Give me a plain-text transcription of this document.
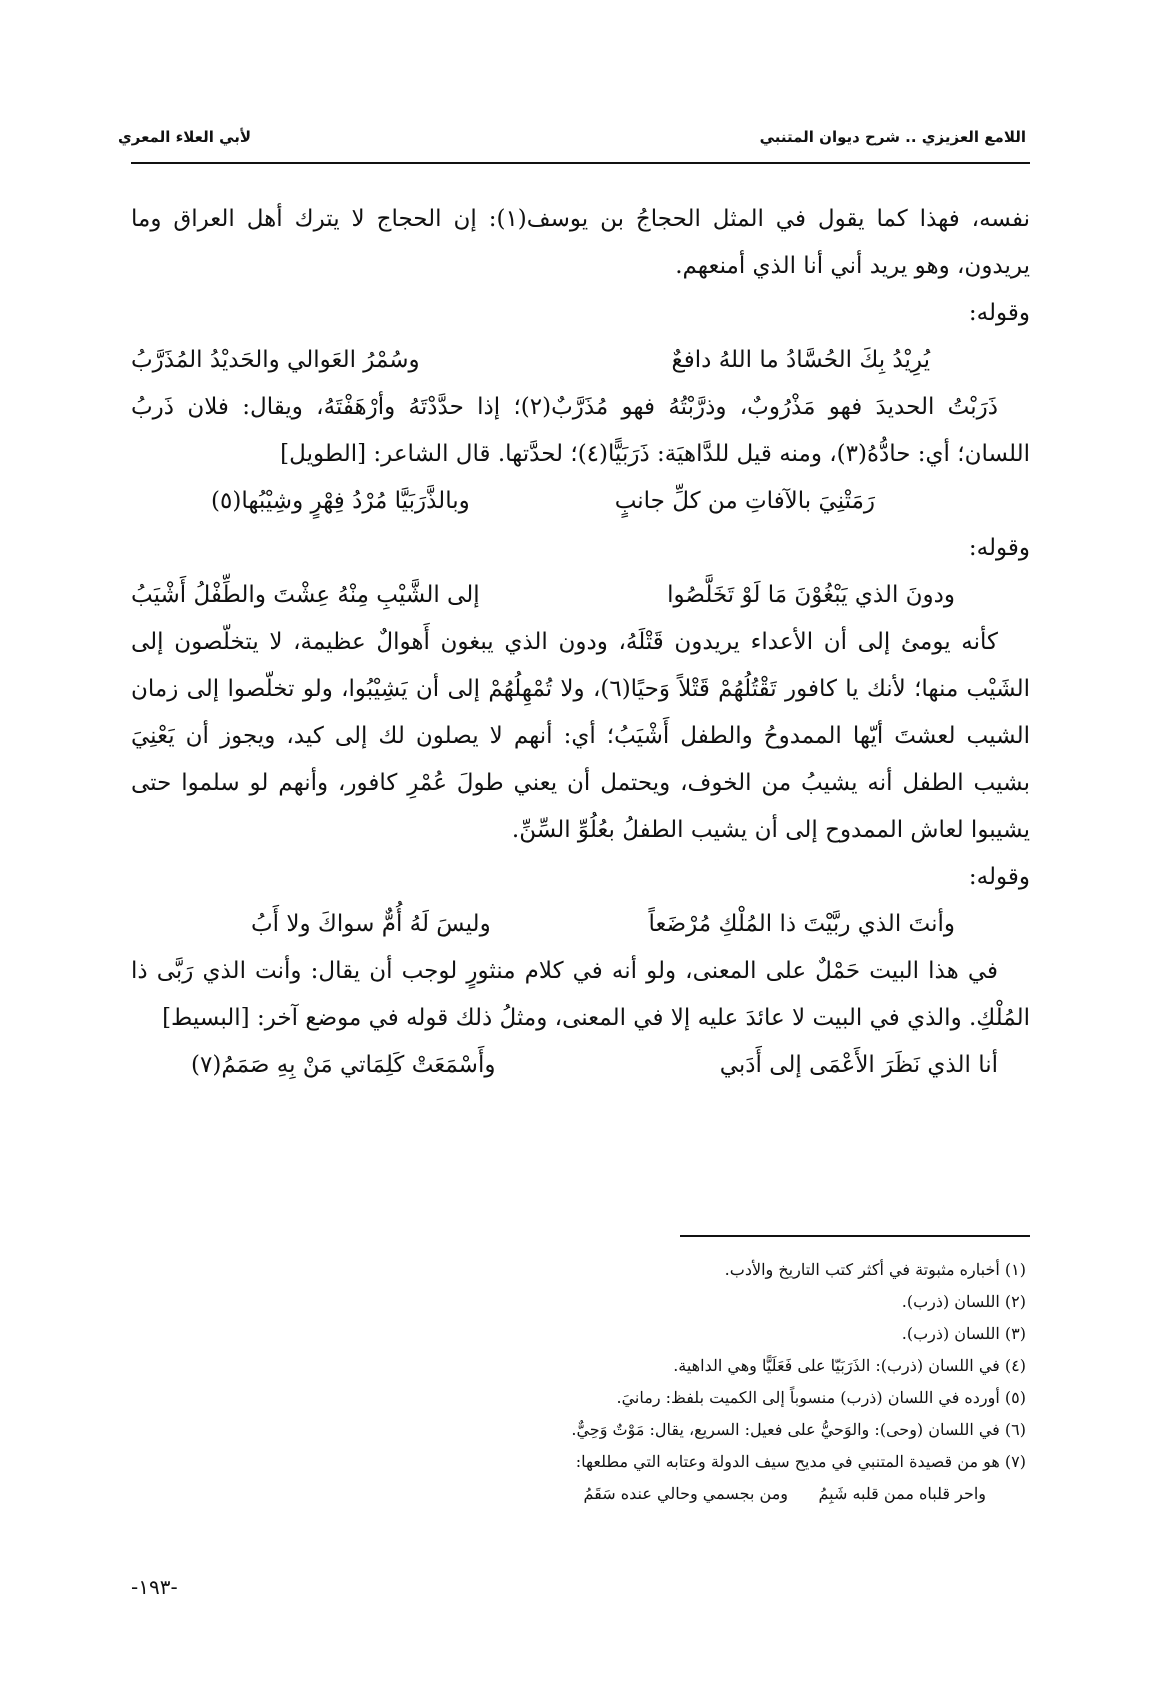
اللامع العزيزي .. شرح ديوان المتنبي
لأبي العلاء المعري

نفسه، فهذا كما يقول في المثل الحجاجُ بن يوسف(١): إن الحجاج لا يترك أهل العراق وما يريدون، وهو يريد أني أنا الذي أمنعهم.

وقوله:

يُرِيْدُ بِكَ الحُسَّادُ ما اللهُ دافعٌ
وسُمْرُ العَوالي والحَديْدُ المُذَرَّبُ

ذَرَبْتُ الحديدَ فهو مَذْرُوبٌ، وذرَّبْتُهُ فهو مُذَرَّبٌ(٢)؛ إذا حدَّدْتَهُ وأرْهَفْتَهُ، ويقال: فلان ذَربُ اللسان؛ أي: حادُّهُ(٣)، ومنه قيل للدَّاهيَة: ذَرَبَيًّا(٤)؛ لحدَّتها. قال الشاعر: [الطويل]

رَمَتْنِيَ بالآفاتِ من كلِّ جانبٍ
وبالذَّرَبَيَّا مُرْدُ فِهْرٍ وشِيْبُها(٥)

وقوله:

ودونَ الذي يَبْغُوْنَ مَا لَوْ تَخَلَّصُوا
إلى الشَّيْبِ مِنْهُ عِشْتَ والطِّفْلُ أَشْيَبُ

كأنه يومئ إلى أن الأعداء يريدون قَتْلَهُ، ودون الذي يبغون أَهوالٌ عظيمة، لا يتخلّصون إلى الشَيْب منها؛ لأنك يا كافور تَقْتُلُهُمْ قَتْلاً وَحيًا(٦)، ولا تُمْهِلُهُمْ إلى أن يَشِيْبُوا، ولو تخلّصوا إلى زمان الشيب لعشتَ أيّها الممدوحُ والطفل أَشْيَبُ؛ أي: أنهم لا يصلون لك إلى كيد، ويجوز أن يَعْنِيَ بشيب الطفل أنه يشيبُ من الخوف، ويحتمل أن يعني طولَ عُمْرِ كافور، وأنهم لو سلموا حتى يشيبوا لعاش الممدوح إلى أن يشيب الطفلُ بعُلُوِّ السِّنِّ.

وقوله:

وأنتَ الذي ربَّيْتَ ذا المُلْكِ مُرْضَعاً
وليسَ لَهُ أُمٌّ سواكَ ولا أَبُ

في هذا البيت حَمْلٌ على المعنى، ولو أنه في كلام منثورٍ لوجب أن يقال: وأنت الذي رَبَّى ذا المُلْكِ. والذي في البيت لا عائدَ عليه إلا في المعنى، ومثلُ ذلك قوله في موضع آخر: [البسيط]

أنا الذي نَظَرَ الأَعْمَى إلى أَدَبي
وأَسْمَعَتْ كَلِمَاتي مَنْ بِهِ صَمَمُ(٧)

(١) أخباره مثبوتة في أكثر كتب التاريخ والأدب.

(٢) اللسان (ذرب).

(٣) اللسان (ذرب).

(٤) في اللسان (ذرب): الذَرَبَيّا على فَعَلَيًّا وهي الداهية.

(٥) أورده في اللسان (ذرب) منسوباً إلى الكميت بلفظ: رمانيَ.

(٦) في اللسان (وحى): والوَحيُّ على فعيل: السريع، يقال: مَوْتٌ وَحِيٌّ.

(٧) هو من قصيدة المتنبي في مديح سيف الدولة وعتابه التي مطلعها:

واحر قلباه ممن قلبه شَبِمُ      ومن بجسمي وحالي عنده سَقَمُ

-١٩٣-
